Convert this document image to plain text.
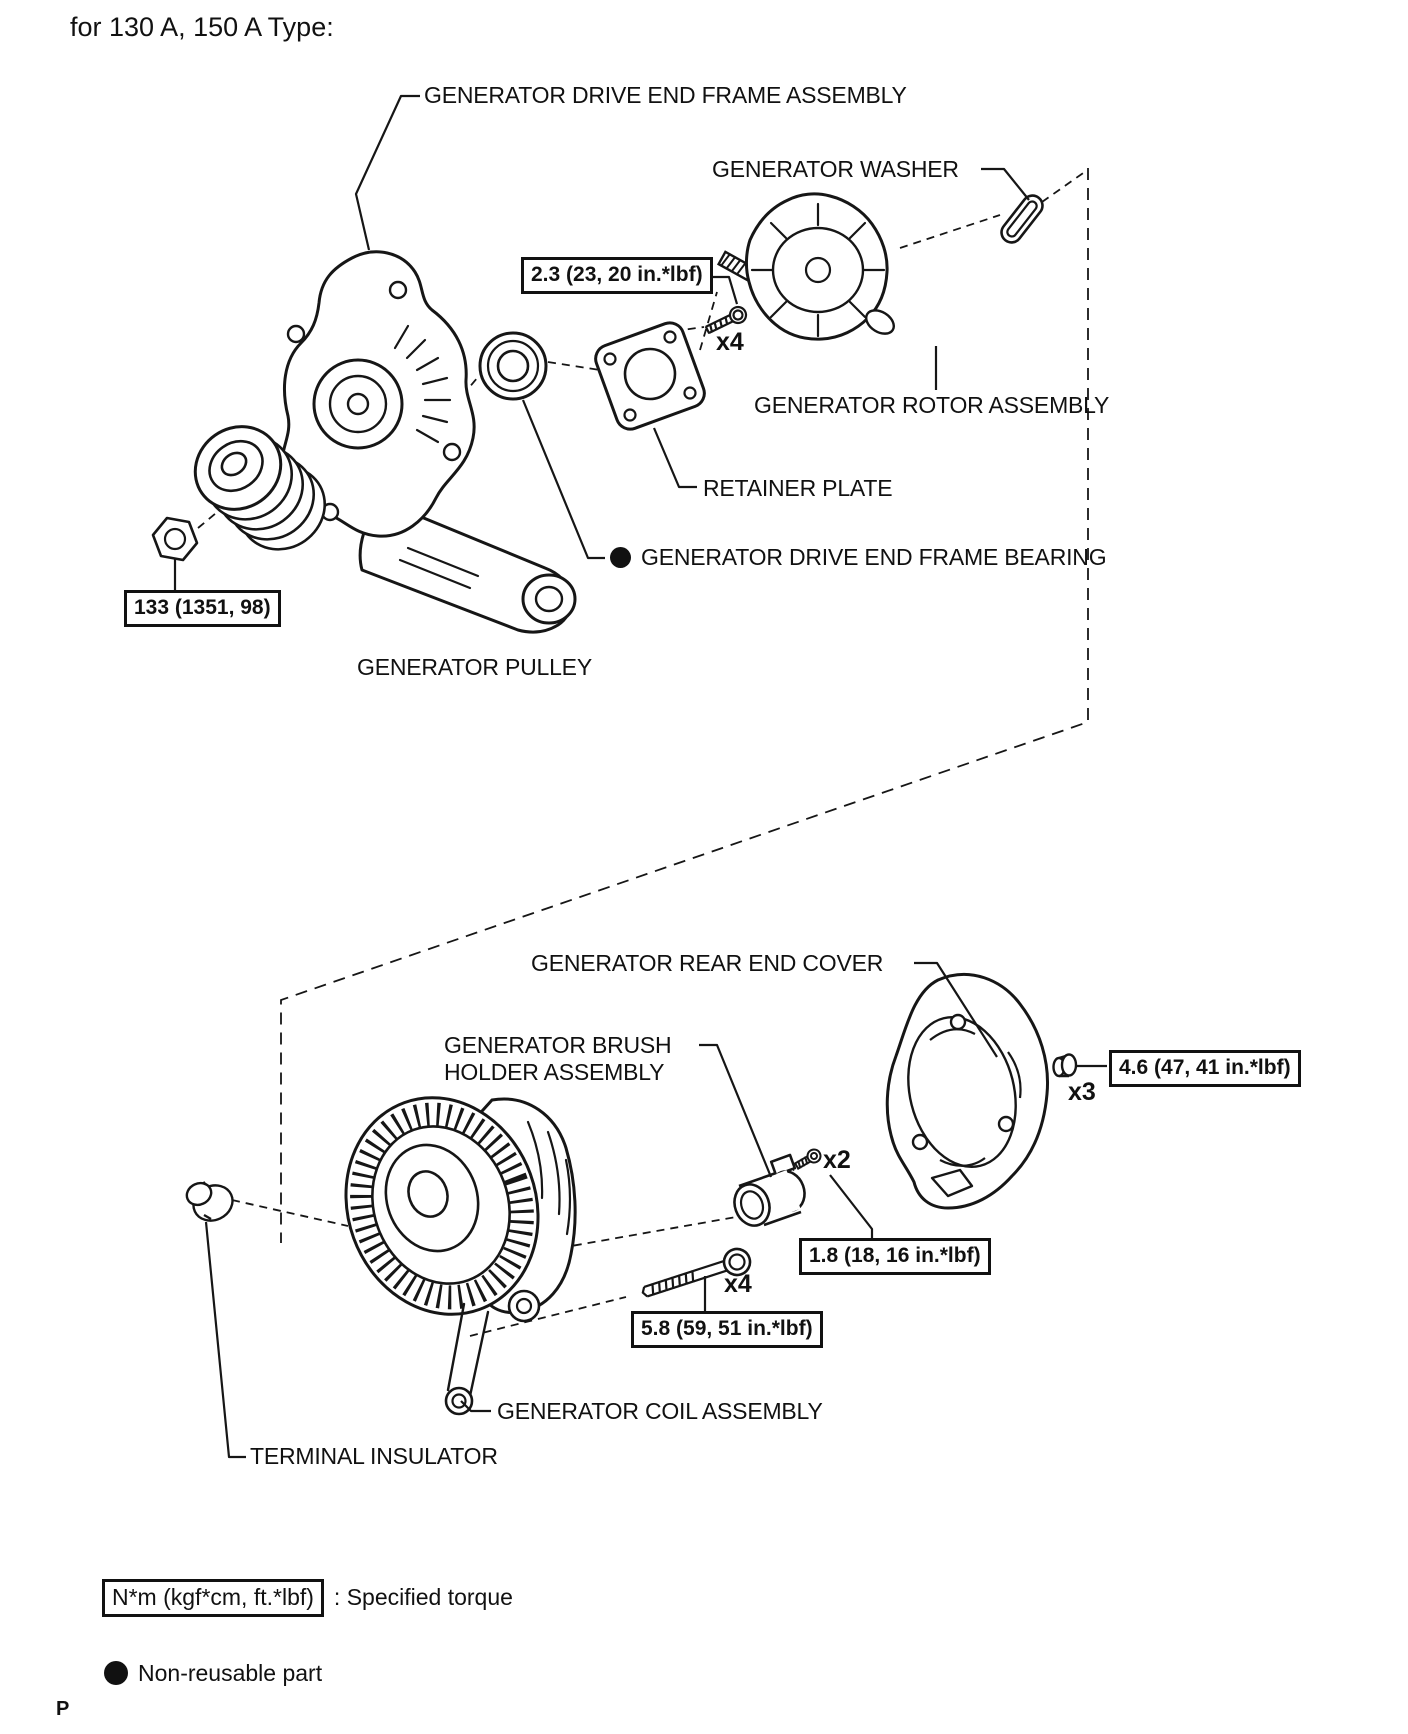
for 130 A, 150 A Type:
GENERATOR DRIVE END FRAME ASSEMBLY
GENERATOR WASHER
2.3 (23, 20 in.*lbf)
x4
GENERATOR ROTOR ASSEMBLY
RETAINER PLATE
GENERATOR DRIVE END FRAME BEARING
133 (1351, 98)
GENERATOR PULLEY
GENERATOR REAR END COVER
GENERATOR BRUSH
HOLDER ASSEMBLY	4.6 (47, 41 in.*lbf)
x3
x2
1.8 (18, 16 in.*lbf)
x4
5.8 (59, 51 in.*lbf)
GENERATOR COIL ASSEMBLY
TERMINAL INSULATOR
N*m (kgf*cm, ft.*lbf) : Specified torque
Non-reusable part
P
